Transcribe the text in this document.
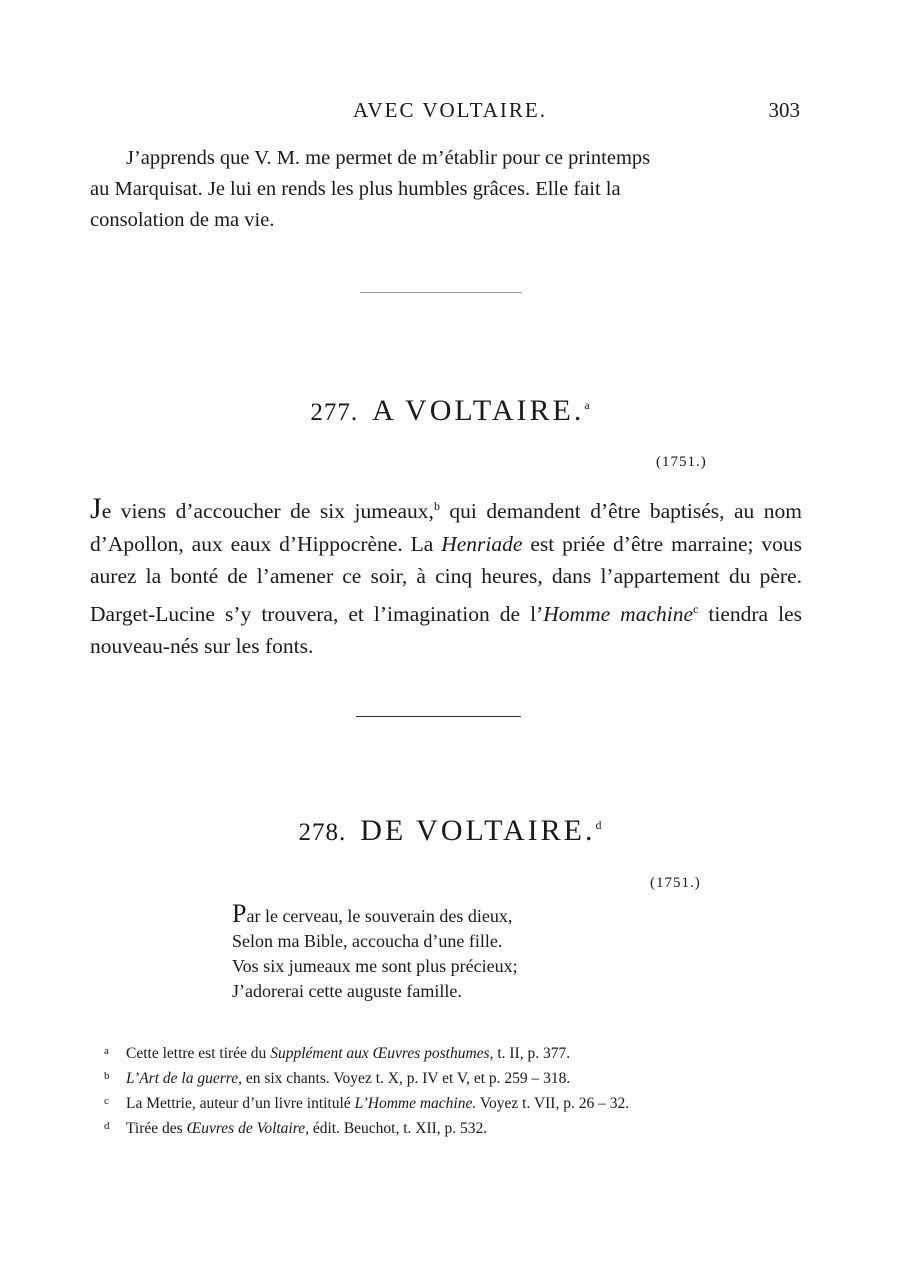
AVEC VOLTAIRE.	303
J’apprends que V. M. me permet de m’établir pour ce printemps
au Marquisat. Je lui en rends les plus humbles grâces. Elle fait la
consolation de ma vie.
277. A VOLTAIRE.$^a$
(1751.)
Je viens d’accoucher de six jumeaux,$^b$ qui demandent d’être baptisés, au nom d’Apollon, aux eaux d’Hippocrène. La Henriade est priée d’être marraine; vous aurez la bonté de l’amener ce soir, à cinq heures, dans l’appartement du père. Darget-Lucine s’y trouvera, et l’imagination de l’Homme machine$^c$ tiendra les nouveau-nés sur les fonts.
278. DE VOLTAIRE.$^d$
(1751.)
Par le cerveau, le souverain des dieux,
Selon ma Bible, accoucha d’une fille.
Vos six jumeaux me sont plus précieux;
J’adorerai cette auguste famille.
a Cette lettre est tirée du Supplément aux Œuvres posthumes, t. II, p. 377.
b L’Art de la guerre, en six chants. Voyez t. X, p. IV et V, et p. 259 – 318.
c La Mettrie, auteur d’un livre intitulé L’Homme machine. Voyez t. VII, p. 26 – 32.
d Tirée des Œuvres de Voltaire, édit. Beuchot, t. XII, p. 532.
